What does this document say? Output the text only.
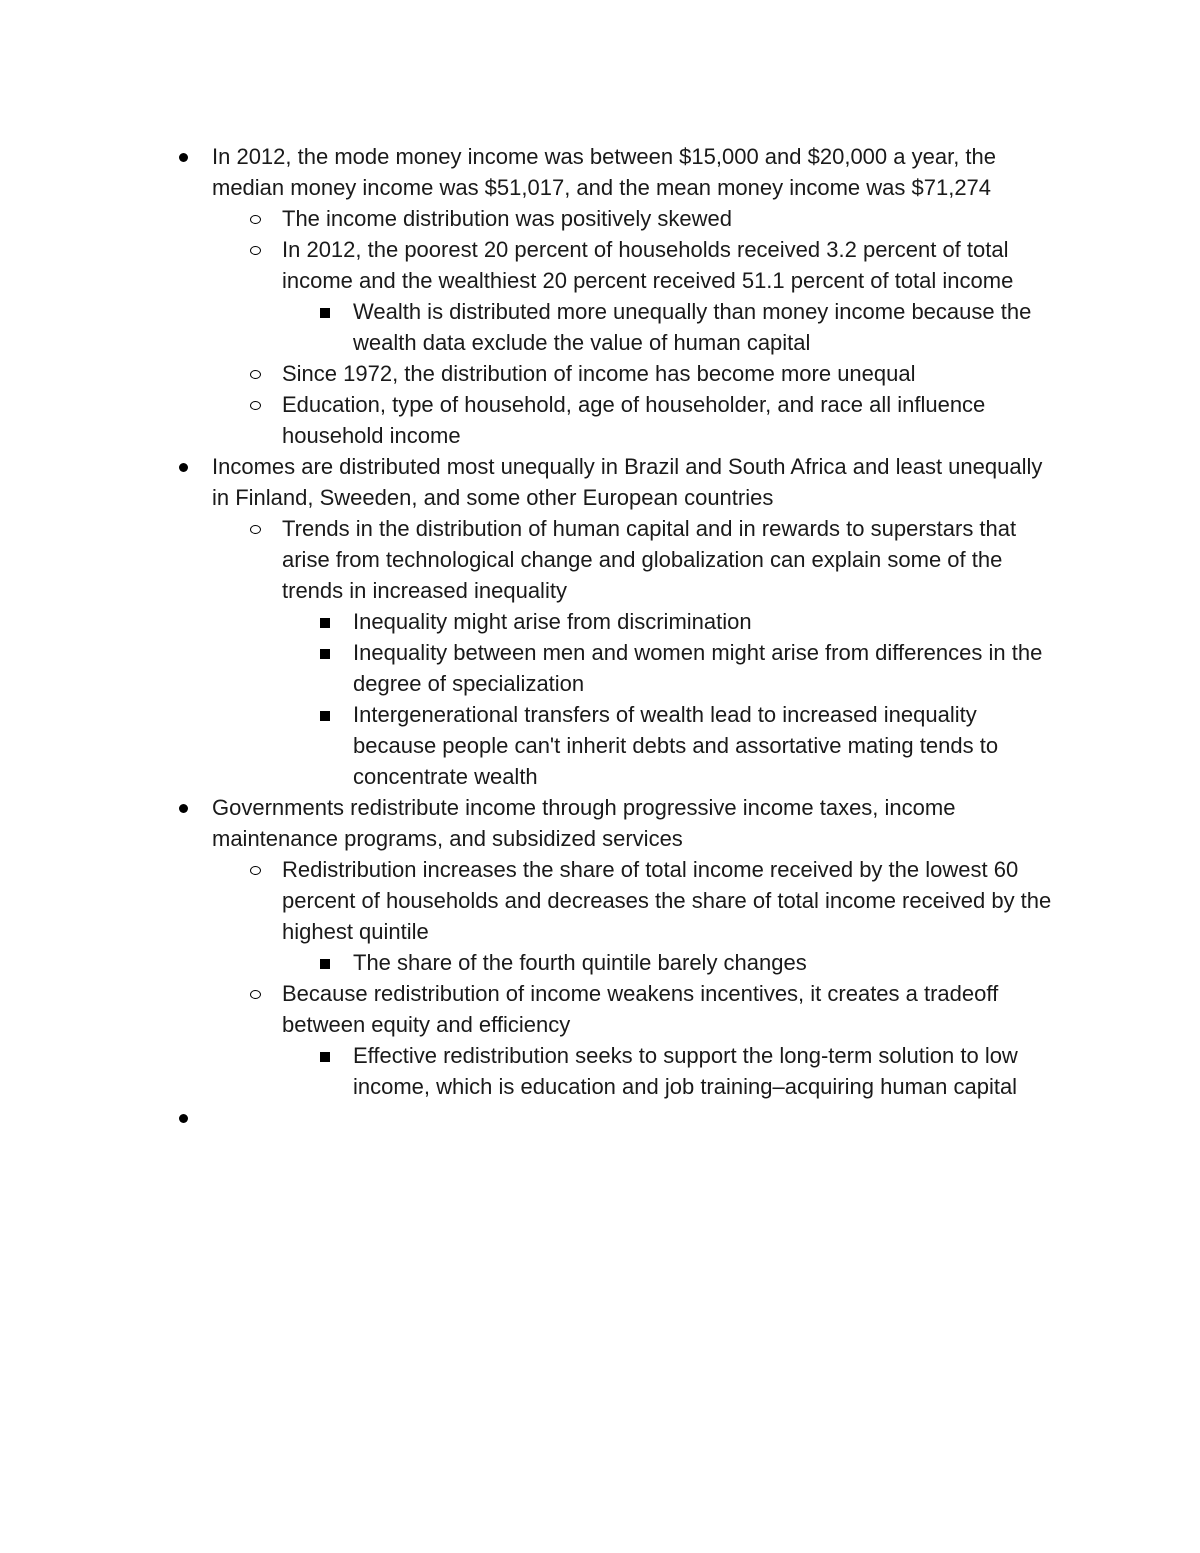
In 2012, the mode money income was between $15,000 and $20,000 a year, the median money income was $51,017, and the mean money income was $71,274
The income distribution was positively skewed
In 2012, the poorest 20 percent of households received 3.2 percent of total income and the wealthiest 20 percent received 51.1 percent of total income
Wealth is distributed more unequally than money income because the wealth data exclude the value of human capital
Since 1972, the distribution of income has become more unequal
Education, type of household, age of householder, and race all influence household income
Incomes are distributed most unequally in Brazil and South Africa and least unequally in Finland, Sweeden, and some other European countries
Trends in the distribution of human capital and in rewards to superstars that arise from technological change and globalization can explain some of the trends in increased inequality
Inequality might arise from discrimination
Inequality between men and women might arise from differences in the degree of specialization
Intergenerational transfers of wealth lead to increased inequality because people can't inherit debts and assortative mating tends to concentrate wealth
Governments redistribute income through progressive income taxes, income maintenance programs, and subsidized services
Redistribution increases the share of total income received by the lowest 60 percent of households and decreases the share of total income received by the highest quintile
The share of the fourth quintile barely changes
Because redistribution of income weakens incentives, it creates a tradeoff between equity and efficiency
Effective redistribution seeks to support the long-term solution to low income, which is education and job training–acquiring human capital
